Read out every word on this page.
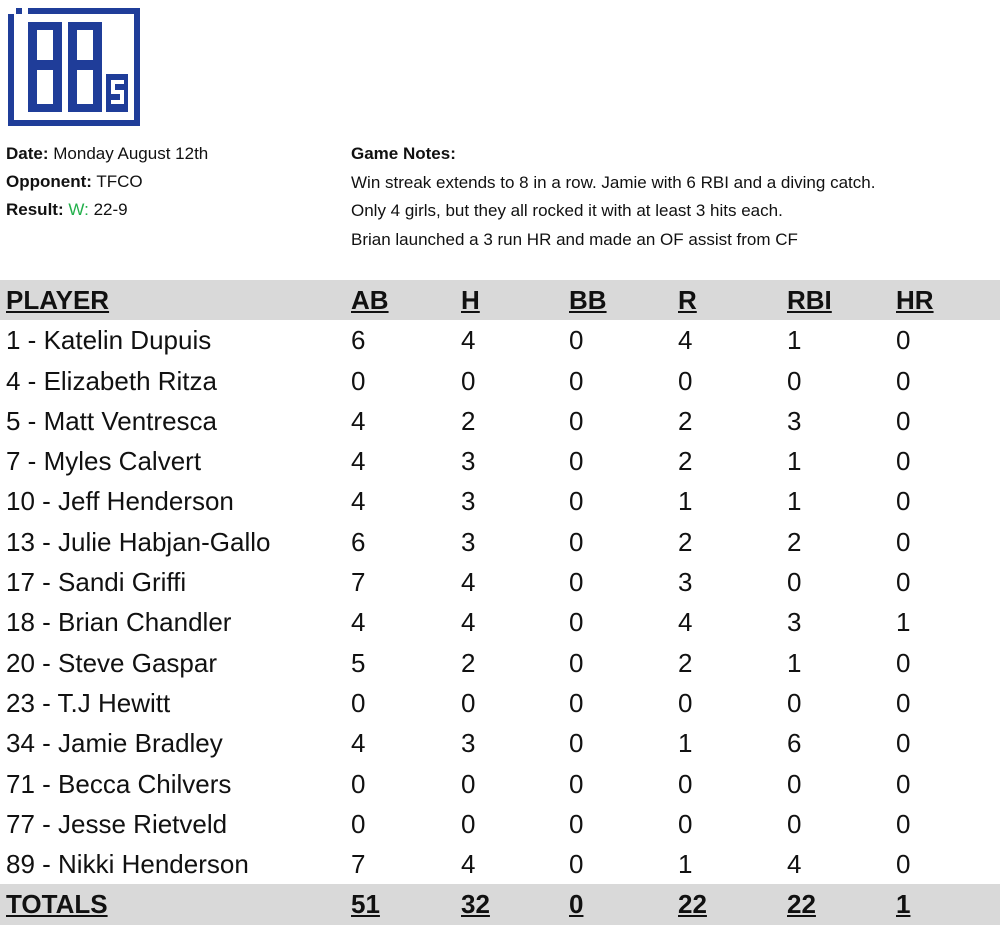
Date: Monday August 12th
Opponent: TFCO
Result: W: 22-9
Game Notes:
Win streak extends to 8 in a row. Jamie with 6 RBI and a diving catch.
Only 4 girls, but they all rocked it with at least 3 hits each.
Brian launched a 3 run HR and made an OF assist from CF
PLAYER	AB	H	BB	R	RBI HR
1 - Katelin Dupuis	6	4	0	4	1	0
4 - Elizabeth Ritza	0	0	0	0	0	0
5 - Matt Ventresca	4	2	0	2	3	0
7 - Myles Calvert	4	3	0	2	1	0
10 - Jeff Henderson	4	3	0	1	1	0
13 - Julie Habjan-Gallo	6	3	0	2	2	0
17 - Sandi Griffi	7	4	0	3	0	0
18 - Brian Chandler	4	4	0	4	3	1
20 - Steve Gaspar	5	2	0	2	1	0
23 - T.J Hewitt	0	0	0	0	0	0
34 - Jamie Bradley	4	3	0	1	6	0
71 - Becca Chilvers	0	0	0	0	0	0
77 - Jesse Rietveld	0	0	0	0	0	0
89 - Nikki Henderson	7	4	0	1	4	0
TOTALS	51	32	0	22	22	1
